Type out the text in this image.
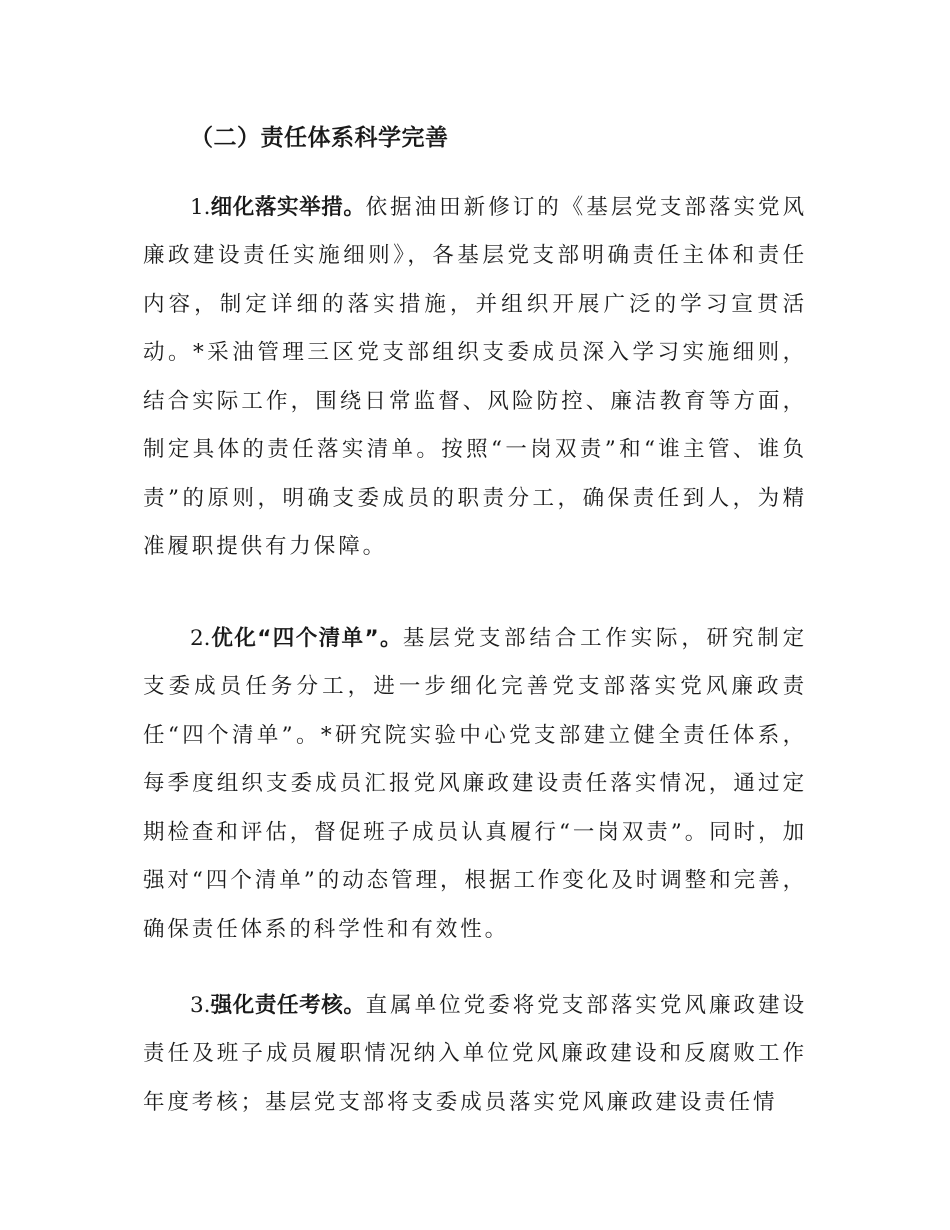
（二）责任体系科学完善

1.细化落实举措。依据油田新修订的《基层党支部落实党风廉政建设责任实施细则》，各基层党支部明确责任主体和责任内容，制定详细的落实措施，并组织开展广泛的学习宣贯活动。*采油管理三区党支部组织支委成员深入学习实施细则，结合实际工作，围绕日常监督、风险防控、廉洁教育等方面，制定具体的责任落实清单。按照“一岗双责”和“谁主管、谁负责”的原则，明确支委成员的职责分工，确保责任到人，为精准履职提供有力保障。

2.优化“四个清单”。基层党支部结合工作实际，研究制定支委成员任务分工，进一步细化完善党支部落实党风廉政责任“四个清单”。*研究院实验中心党支部建立健全责任体系，每季度组织支委成员汇报党风廉政建设责任落实情况，通过定期检查和评估，督促班子成员认真履行“一岗双责”。同时，加强对“四个清单”的动态管理，根据工作变化及时调整和完善，确保责任体系的科学性和有效性。

3.强化责任考核。直属单位党委将党支部落实党风廉政建设责任及班子成员履职情况纳入单位党风廉政建设和反腐败工作年度考核；基层党支部将支委成员落实党风廉政建设责任情
